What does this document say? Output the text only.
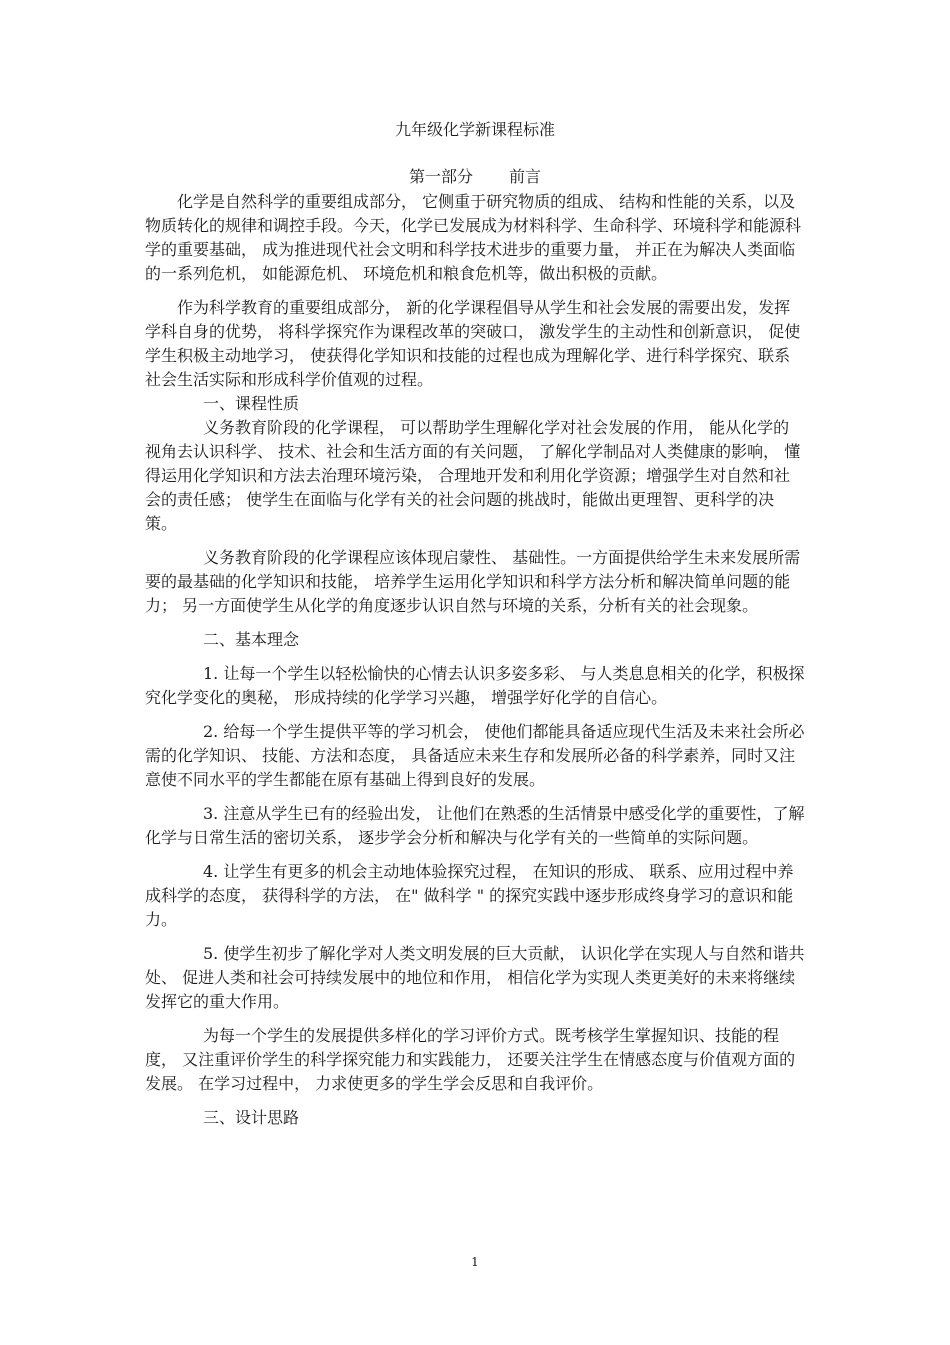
九年级化学新课程标准
第一部分 前言

化学是自然科学的重要组成部分， 它侧重于研究物质的组成、 结构和性能的关系，以及物质转化的规律和调控手段。今天，化学已发展成为材料科学、生命科学、环境科学和能源科学的重要基础， 成为推进现代社会文明和科学技术进步的重要力量， 并正在为解决人类面临的一系列危机， 如能源危机、 环境危机和粮食危机等，做出积极的贡献。

作为科学教育的重要组成部分， 新的化学课程倡导从学生和社会发展的需要出发，发挥学科自身的优势， 将科学探究作为课程改革的突破口， 激发学生的主动性和创新意识， 促使学生积极主动地学习， 使获得化学知识和技能的过程也成为理解化学、进行科学探究、联系社会生活实际和形成科学价值观的过程。

一、课程性质

义务教育阶段的化学课程， 可以帮助学生理解化学对社会发展的作用， 能从化学的视角去认识科学、 技术、社会和生活方面的有关问题， 了解化学制品对人类健康的影响， 懂得运用化学知识和方法去治理环境污染， 合理地开发和利用化学资源；增强学生对自然和社会的责任感； 使学生在面临与化学有关的社会问题的挑战时，能做出更理智、更科学的决策。

义务教育阶段的化学课程应该体现启蒙性、 基础性。一方面提供给学生未来发展所需要的最基础的化学知识和技能， 培养学生运用化学知识和科学方法分析和解决简单问题的能力； 另一方面使学生从化学的角度逐步认识自然与环境的关系，分析有关的社会现象。

二、基本理念

1. 让每一个学生以轻松愉快的心情去认识多姿多彩、 与人类息息相关的化学，积极探究化学变化的奥秘， 形成持续的化学学习兴趣， 增强学好化学的自信心。

2. 给每一个学生提供平等的学习机会， 使他们都能具备适应现代生活及未来社会所必需的化学知识、 技能、方法和态度， 具备适应未来生存和发展所必备的科学素养，同时又注意使不同水平的学生都能在原有基础上得到良好的发展。

3. 注意从学生已有的经验出发， 让他们在熟悉的生活情景中感受化学的重要性，了解化学与日常生活的密切关系， 逐步学会分析和解决与化学有关的一些简单的实际问题。

4. 让学生有更多的机会主动地体验探究过程， 在知识的形成、 联系、应用过程中养成科学的态度， 获得科学的方法， 在" 做科学 " 的探究实践中逐步形成终身学习的意识和能力。

5. 使学生初步了解化学对人类文明发展的巨大贡献， 认识化学在实现人与自然和谐共处、 促进人类和社会可持续发展中的地位和作用， 相信化学为实现人类更美好的未来将继续发挥它的重大作用。

为每一个学生的发展提供多样化的学习评价方式。既考核学生掌握知识、技能的程度， 又注重评价学生的科学探究能力和实践能力， 还要关注学生在情感态度与价值观方面的发展。 在学习过程中， 力求使更多的学生学会反思和自我评价。

三、设计思路

1
